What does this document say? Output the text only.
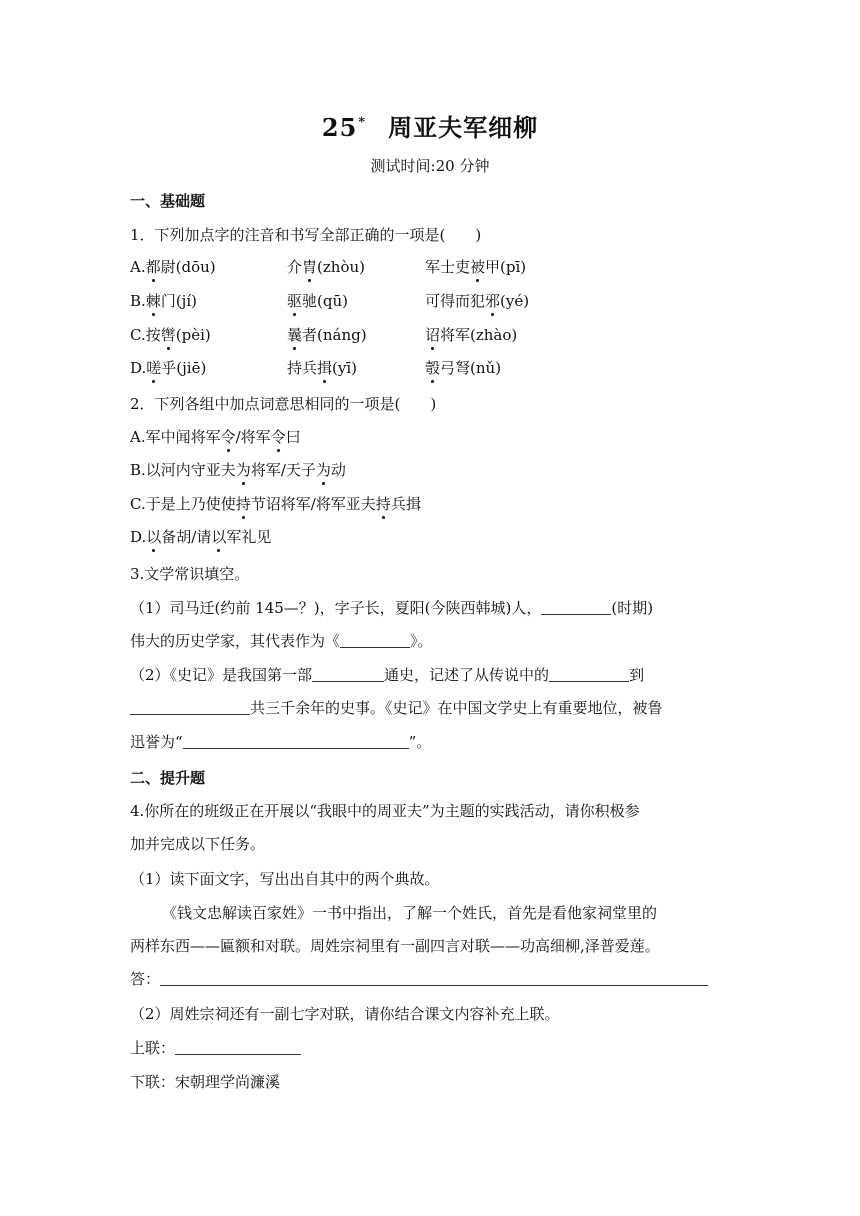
25* 周亚夫军细柳
测试时间:20 分钟
一、基础题
1．下列加点字的注音和书写全部正确的一项是(　　)
A.都尉(dōu)	介胄(zhòu)	军士吏被甲(pī)
B.棘门(jí)	驱驰(qū)	可得而犯邪(yé)
C.按辔(pèi)	曩者(náng)	诏将军(zhào)
D.嗟乎(jiē)	持兵揖(yī)	彀弓弩(nǔ)
2．下列各组中加点词意思相同的一项是(　　)
A.军中闻将军令/将军令曰
B.以河内守亚夫为将军/天子为动
C.于是上乃使使持节诏将军/将军亚夫持兵揖
D.以备胡/请以军礼见
3.文学常识填空。
（1）司马迁(约前 145—？)，字子长，夏阳(今陕西韩城)人，	(时期)
伟大的历史学家，其代表作为《	》。
（2）《史记》是我国第一部	通史，记述了从传说中的	到
共三千余年的史事。《史记》在中国文学史上有重要地位，被鲁
迅誉为“	”。
二、提升题
4.你所在的班级正在开展以“我眼中的周亚夫”为主题的实践活动，请你积极参
加并完成以下任务。
（1）读下面文字，写出出自其中的两个典故。
《钱文忠解读百家姓》一书中指出，了解一个姓氏，首先是看他家祠堂里的
两样东西——匾额和对联。周姓宗祠里有一副四言对联——功高细柳,泽普爱莲。
答：
（2）周姓宗祠还有一副七字对联，请你结合课文内容补充上联。
上联：
下联：宋朝理学尚濂溪
